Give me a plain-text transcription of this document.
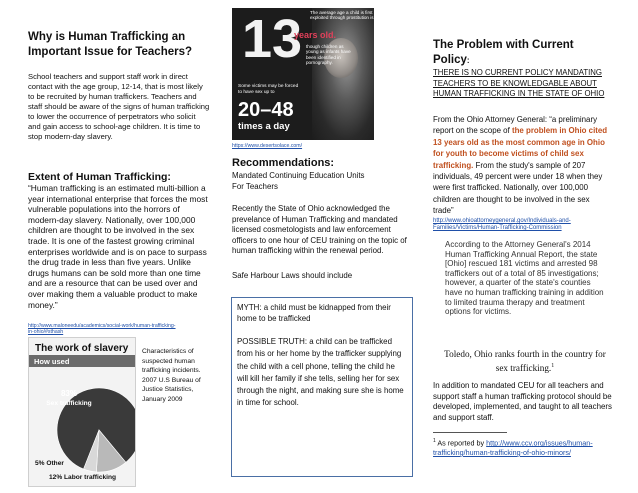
Why is Human Trafficking an Important Issue for Teachers?

School teachers and support staff work in direct contact with the age group, 12-14, that is most likely to be recruited by human traffickers. Teachers and staff should be aware of the signs of human trafficking to lower the occurrence of perpetrators who solicit and gain access to school-age children. It is time to stop modern-day slavery.

Extent of Human Trafficking:

“Human trafficking is an estimated multi-billion a year international enterprise that forces the most vulnerable populations into the horrors of modern-day slavery. Nationally, over 100,000 children are thought to be involved in the sex trade. It is one of the fastest growing criminal enterprises worldwide and is on pace to surpass the drug trade in less than five years. Unlike drugs humans can be sold more than one time and are a resource that can be used over and over making them a valuable product to make money.”

http://www.maloneedu/academics/social-work/human-trafficking-in-ohio/#sthash

The work of slavery
How used
83%
Sex trafficking
12% Labor trafficking
5% Other

Characteristics of suspected human trafficking incidents. 2007 U.S Bureau of Justice Statistics, January 2009

The average age a child is first exploited through prostitution is
13
years old.
though children as young as infants have been identified in pornography.
Some victims may be forced to have sex up to
20–48
times a day

https://www.desertsolace.com/

Recommendations:

Mandated Continuing Education Units

For Teachers

Recently the State of Ohio acknowledged the prevelance of Human Trafficking and mandated licensed cosmetologists and law enforcement officers to one hour of CEU training on the topic of human trafficking within the renewal period.

Safe Harbour Laws should include

MYTH: a child must be kidnapped from their home to be trafficked

POSSIBLE TRUTH: a child can be trafficked from his or her home by the trafficker supplying the child with a cell phone, telling the child he will kill her family if she tells, selling her for sex through the night, and making sure she is home in time for school.

The Problem with Current Policy:

THERE IS NO CURRENT POLICY MANDATING TEACHERS TO BE KNOWLEDGABLE ABOUT HUMAN TRAFFICKING IN THE STATE OF OHIO

From the Ohio Attorney General: “a preliminary report on the scope of the problem in Ohio cited 13 years old as the most common age in Ohio for youth to become victims of child sex trafficking. From the study's sample of 207 individuals, 49 percent were under 18 when they were first trafficked. Nationally, over 100,000 children are thought to be involved in the sex trade”

http://www.ohioattorneygeneral.gov/Individuals-and-Families/Victims/Human-Trafficking-Commission

According to the Attorney General's 2014 Human Trafficking Annual Report, the state [Ohio] rescued 181 victims and arrested 98 traffickers out of a total of 85 investigations; however, a quarter of the state's counties have no human trafficking training in addition to limited trauma therapy and treatment options for victims.

Toledo, Ohio ranks fourth in the country for sex trafficking.$^1$

In addition to mandated CEU for all teachers and support staff a human trafficking protocol should be developed, implemented, and taught to all teachers and support staff.

$^1$ As reported by http://www.ccv.org/issues/human-trafficking/human-trafficking-of-ohio-minors/
